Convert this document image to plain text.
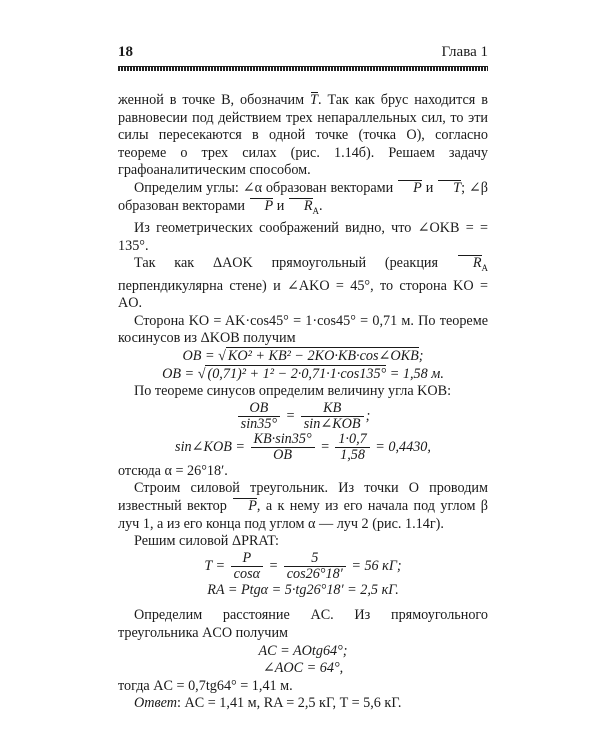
18	Глава 1

женной в точке B, обозначим T. Так как брус находится в равновесии под действием трех непараллельных сил, то эти силы пересекаются в одной точке (точка O), согласно теореме о трех силах (рис. 1.14б). Решаем задачу графоаналитическим способом.

Определим углы: ∠α образован векторами P и T; ∠β образован векторами P и $R_A$.

Из геометрических соображений видно, что ∠OKB = = 135°.

Так как ΔAOK прямоугольный (реакция $R_A$ перпендикулярна стене) и ∠AKO = 45°, то сторона KO = AO.

Сторона KO = AK·cos45° = 1·cos45° = 0,71 м. По теореме косинусов из ΔKOB получим

OB = √ KO² + KB² − 2KO·KB·cos∠OKB;

OB = √ (0,71)² + 1² − 2·0,71·1·cos135° = 1,58 м.

По теореме синусов определим величину угла KOB:

$\frac{OB}{\sin 35^\circ} = \frac{KB}{\text{sin∠KOB}}$ ;

sin∠KOB = $\frac{KB\cdot\sin 35^\circ}{OB} = \frac{1\cdot 0,7}{1,58} = 0,4430$,

отсюда α = 26°18′.

Строим силовой треугольник. Из точки O проводим известный вектор P, а к нему из его начала под углом β луч 1, а из его конца под углом α — луч 2 (рис. 1.14г).

Решим силовой ΔPRAT:

$T = \frac{P}{\cos\alpha} = \frac{5}{\cos 26^\circ 18'} = 56$ кГ;

RA = Ptgα = 5·tg26°18′ = 2,5 кГ.

Определим расстояние AC. Из прямоугольного треугольника ACO получим

AC = AOtg64°;

∠AOC = 64°,

тогда AC = 0,7tg64° = 1,41 м.

Ответ: AC = 1,41 м, RA = 2,5 кГ, T = 5,6 кГ.
